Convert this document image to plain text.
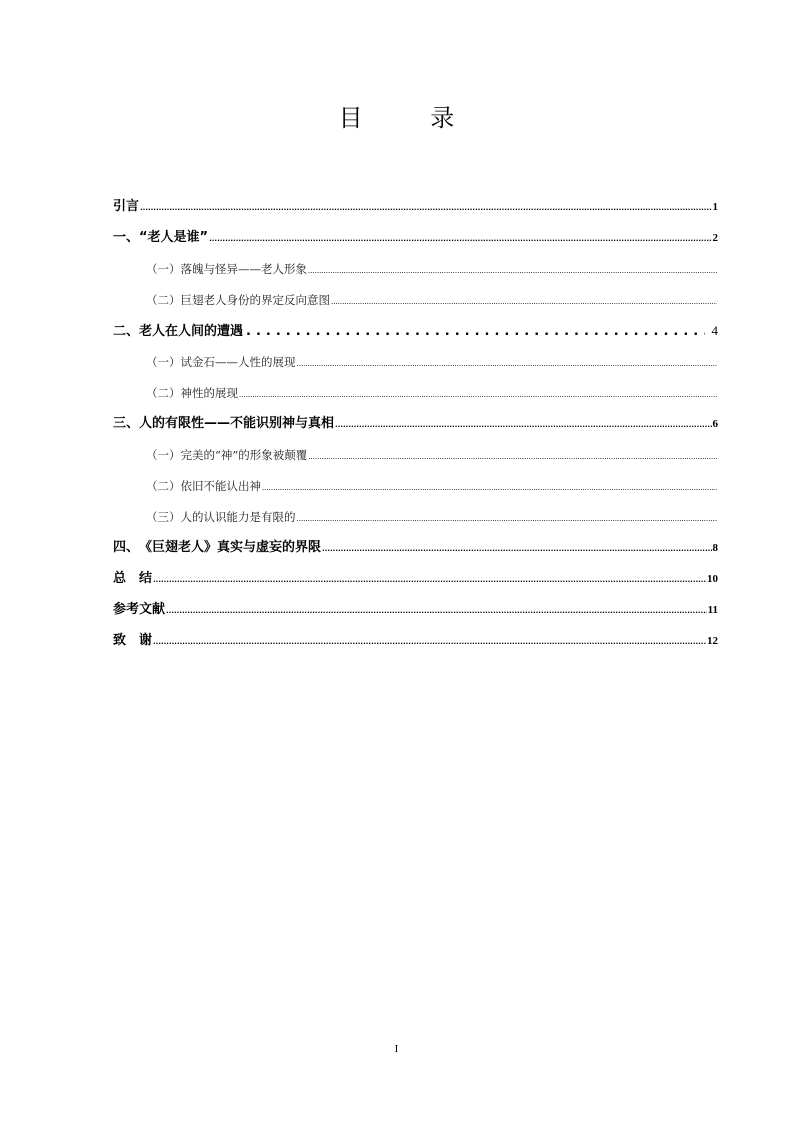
目 录
引言 .....	1
一、 “老人是谁” .....	2
（一）落魄与怪异——老人形象
.....
（二）巨翅老人身份的界定反向意图
.....
二、 老人在人间的遭遇 .....	4
（一）试金石——人性的展现
.....
（二）神性的展现
.....
三、 人的有限性——不能识别神与真相 .....	6
（一）完美的“神”的形象被颠覆
.....
（二）依旧不能认出神
.....
（三）人的认识能力是有限的
.....
四、 《巨翅老人》真实与虚妄的界限 .....	8
总　结 .....	10
参考文献 .....	11
致　谢 .....	12
I
